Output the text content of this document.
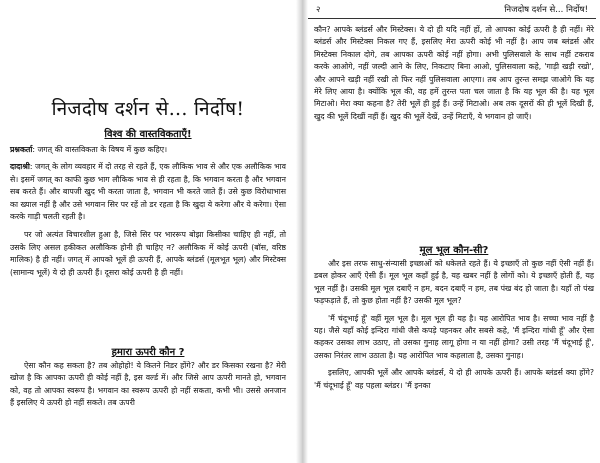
निजदोष दर्शन से... निर्दोष!

विश्व की वास्तविकताएँ!

प्रश्नकर्ता: जगत् की वास्तविकता के विषय में कुछ कहिए।

दादाश्री: जगत् के लोग व्यवहार में दो तरह से रहते हैं, एक लौकिक भाव से और एक अलौकिक भाव से। इसमें जगत् का काफी कुछ भाग लौकिक भाव से ही रहता है, कि भगवान करता है और भगवान सब करते हैं। और बापजी खुद भी करता जाता है, भगवान भी करते जाते हैं। उसे कुछ विरोधाभास का ख्याल नहीं है और उसे भगवान सिर पर रहें तो डर रहता है कि खुदा ये करेगा और ये करेगा। ऐसा करके गाड़ी चलती रहती है।

पर जो अत्यंत विचारशील हुआ है, जिसे सिर पर भाररूप बोझा किसीका चाहिए ही नहीं, तो उसके लिए असल हकीकत अलौकिक होनी ही चाहिए न? अलौकिक में कोई ऊपरी (बॉस, वरिष्ठ मालिक) है ही नहीं। जगत् में आपको भूलें ही ऊपरी हैं, आपके ब्लंडर्स (मूलभूत भूल) और मिस्टेक्स (सामान्य भूलें) ये दो ही ऊपरी हैं। दूसरा कोई ऊपरी है ही नहीं।

हमारा ऊपरी कौन ?

ऐसा कौन कह सकता है? तब ओहोहो! ये कितने निडर होंगे? और डर किसका रखना है? मेरी खोज है कि आपका ऊपरी ही कोई नहीं है, इस वर्ल्ड में। और जिसे आप ऊपरी मानते हो, भगवान को, वह तो आपका स्वरूप है। भगवान का स्वरूप ऊपरी हो नहीं सकता, कभी भी। उससे अनजान हैं इसलिए ये ऊपरी हो नहीं सकते। तब ऊपरी

२	निजदोष दर्शन से... निर्दोष!

कौन? आपके ब्लंडर्स और मिस्टेक्स। ये दो ही यदि नहीं हों, तो आपका कोई ऊपरी है ही नहीं। मेरे ब्लंडर्स और मिस्टेक्स निकल गए हैं, इसलिए मेरा ऊपरी कोई भी नहीं है। आप जब ब्लंडर्स और मिस्टेक्स निकाल दोगे, तब आपका ऊपरी कोई नहीं होगा। अभी पुलिसवाले के साथ नहीं टकराव करके आओगे, नहीं जल्दी आने के लिए, निकटाए बिना आओ, पुलिसवाला कहे, 'गाड़ी खड़ी रखो', और आपने खड़ी नहीं रखी तो फिर नहीं पुलिसवाला आएगा। तब आप तुरन्त समझ जाओगे कि यह मेरे लिए आया है। क्योंकि भूल की, वह हमें तुरन्त पता चल जाता है कि यह भूल की है। यह भूल मिटाओ। मेरा क्या कहना है? तेरी भूलें ही हुई हैं। उन्हें मिटाओ। अब तक दूसरों की ही भूलें दिखी हैं, खुद की भूलें दिखीं नहीं हैं। खुद की भूलें देखें, उन्हें मिटाएँ, ये भगवान हो जाएँ।

मूल भूल कौन-सी?

और इस तरफ साधु-संन्यासी इच्छाओं को धकेलते रहते हैं। ये इच्छाएँ तो कुछ नहीं ऐसी नहीं हैं। डबल होकर आएँ ऐसी हैं। मूल भूल कहाँ हुई है, यह खबर नहीं है लोगों को। ये इच्छाएँ होती हैं, यह भूल नहीं है। उसकी मूल भूल दबाएँ न हम, बदन दबाएँ न हम, तब पंख बंद हो जाता है। यहाँ तो पंख फड़फड़ाते हैं, तो कुछ होता नहीं है? उसकी मूल भूल?

'मैं चंदूभाई हूँ' वहीं मूल भूल है। मूल भूल ही यह है। यह आरोपित भाव है। सच्चा भाव नहीं है यह। जैसे यहाँ कोई इन्दिरा गांधी जैसे कपड़े पहनकर और सबसे कहे, 'मैं इन्दिरा गांधी हूँ' और ऐसा कहकर उसका लाभ उठाए, तो उसका गुनाह लागू होगा न या नहीं होगा? उसी तरह 'मैं चंदूभाई हूँ', उसका निरंतर लाभ उठाता है। यह आरोपित भाव कहलाता है, उसका गुनाह।

इसलिए, आपकी भूलें और आपके ब्लंडर्स, ये दो ही आपके ऊपरी हैं। आपके ब्लंडर्स क्या होंगे? 'मैं चंदूभाई हूँ' वह पहला ब्लंडर। 'मैं इनका
